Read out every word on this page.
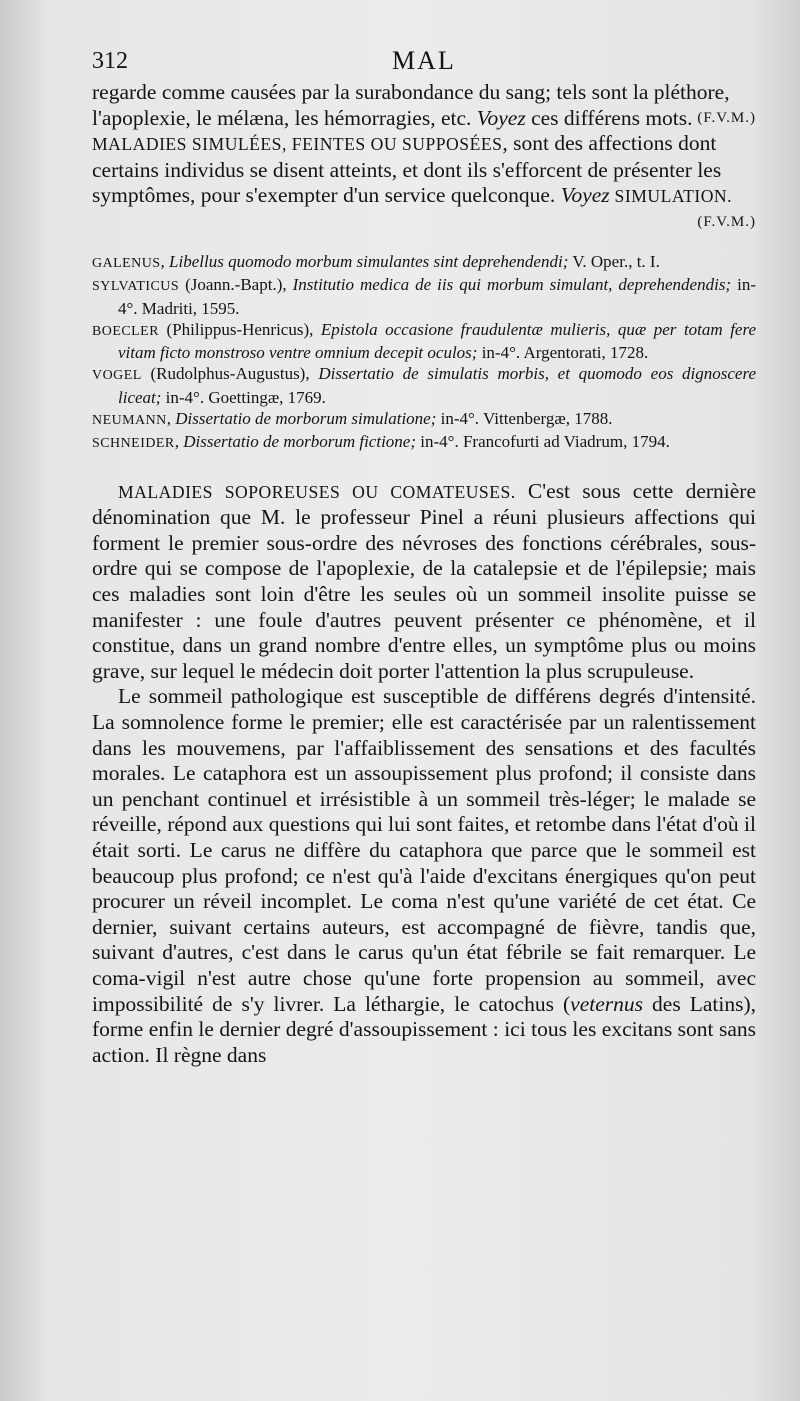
312	MAL

regarde comme causées par la surabondance du sang; tels sont la pléthore, l'apoplexie, le mélæna, les hémorragies, etc. Voyez ces différens mots. (F.V.M.)

MALADIES SIMULÉES, FEINTES OU SUPPOSÉES, sont des affections dont certains individus se disent atteints, et dont ils s'efforcent de présenter les symptômes, pour s'exempter d'un service quelconque. Voyez SIMULATION.

(F.V.M.)

GALENUS, Libellus quomodo morbum simulantes sint deprehendendi; V. Oper., t. I.

SYLVATICUS (Joann.-Bapt.), Institutio medica de iis qui morbum simulant, deprehendendis; in-4°. Madriti, 1595.

BOECLER (Philippus-Henricus), Epistola occasione fraudulentæ mulieris, quæ per totam fere vitam ficto monstroso ventre omnium decepit oculos; in-4°. Argentorati, 1728.

VOGEL (Rudolphus-Augustus), Dissertatio de simulatis morbis, et quomodo eos dignoscere liceat; in-4°. Goettingæ, 1769.

NEUMANN, Dissertatio de morborum simulatione; in-4°. Vittenbergæ, 1788.

SCHNEIDER, Dissertatio de morborum fictione; in-4°. Francofurti ad Viadrum, 1794.

MALADIES SOPOREUSES OU COMATEUSES. C'est sous cette dernière dénomination que M. le professeur Pinel a réuni plusieurs affections qui forment le premier sous-ordre des névroses des fonctions cérébrales, sous-ordre qui se compose de l'apoplexie, de la catalepsie et de l'épilepsie; mais ces maladies sont loin d'être les seules où un sommeil insolite puisse se manifester : une foule d'autres peuvent présenter ce phénomène, et il constitue, dans un grand nombre d'entre elles, un symptôme plus ou moins grave, sur lequel le médecin doit porter l'attention la plus scrupuleuse.

Le sommeil pathologique est susceptible de différens degrés d'intensité. La somnolence forme le premier; elle est caractérisée par un ralentissement dans les mouvemens, par l'affaiblissement des sensations et des facultés morales. Le cataphora est un assoupissement plus profond; il consiste dans un penchant continuel et irrésistible à un sommeil très-léger; le malade se réveille, répond aux questions qui lui sont faites, et retombe dans l'état d'où il était sorti. Le carus ne diffère du cataphora que parce que le sommeil est beaucoup plus profond; ce n'est qu'à l'aide d'excitans énergiques qu'on peut procurer un réveil incomplet. Le coma n'est qu'une variété de cet état. Ce dernier, suivant certains auteurs, est accompagné de fièvre, tandis que, suivant d'autres, c'est dans le carus qu'un état fébrile se fait remarquer. Le coma-vigil n'est autre chose qu'une forte propension au sommeil, avec impossibilité de s'y livrer. La léthargie, le catochus (veternus des Latins), forme enfin le dernier degré d'assoupissement : ici tous les excitans sont sans action. Il règne dans
